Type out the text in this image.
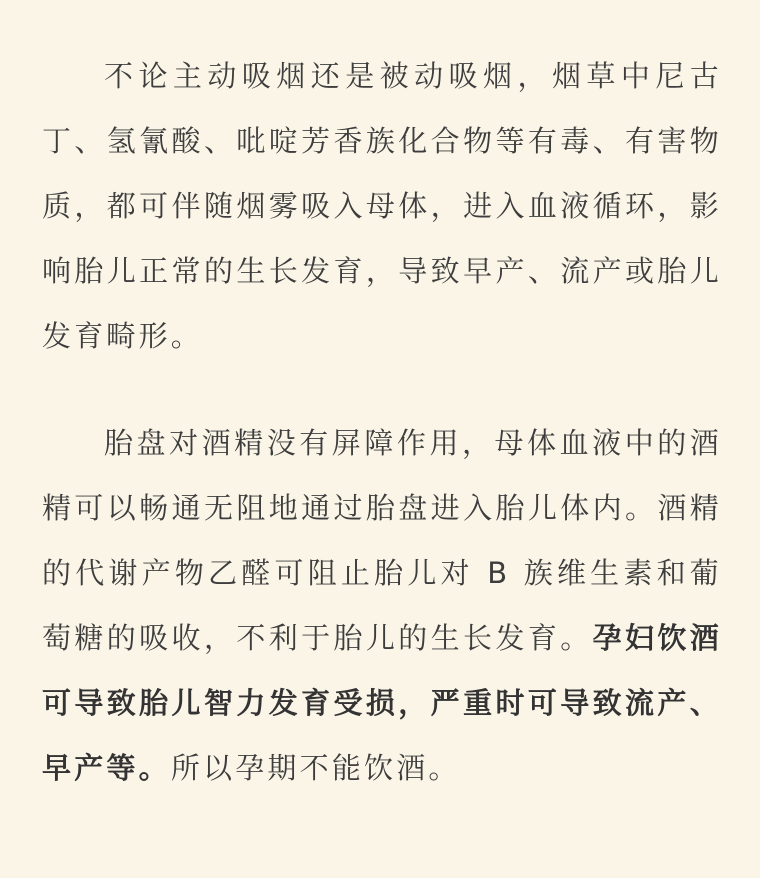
不论主动吸烟还是被动吸烟，烟草中尼古丁、氢氰酸、吡啶芳香族化合物等有毒、有害物质，都可伴随烟雾吸入母体，进入血液循环，影响胎儿正常的生长发育，导致早产、流产或胎儿发育畸形。

胎盘对酒精没有屏障作用，母体血液中的酒精可以畅通无阻地通过胎盘进入胎儿体内。酒精的代谢产物乙醛可阻止胎儿对 B 族维生素和葡萄糖的吸收，不利于胎儿的生长发育。孕妇饮酒可导致胎儿智力发育受损，严重时可导致流产、早产等。所以孕期不能饮酒。
